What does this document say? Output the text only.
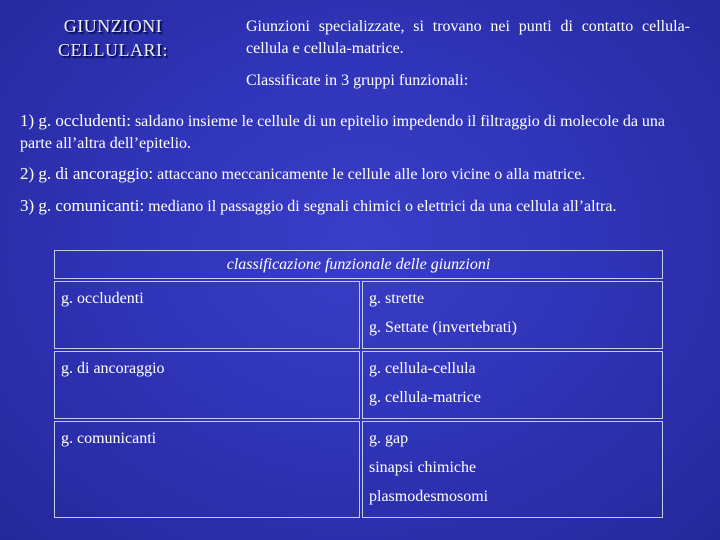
GIUNZIONI
CELLULARI:
Giunzioni specializzate, si trovano nei punti di contatto cellula-cellula e cellula-matrice.
Classificate in 3 gruppi funzionali:
1) g. occludenti: saldano insieme le cellule di un epitelio impedendo il filtraggio di molecole da una parte all’altra dell’epitelio.
2) g. di ancoraggio: attaccano meccanicamente le cellule alle loro vicine o alla matrice.
3) g. comunicanti: mediano il passaggio di segnali chimici o elettrici da una cellula all’altra.
classificazione funzionale delle giunzioni	
g. occludenti	g. strette
g. Settate (invertebrati)

g. di ancoraggio	g. cellula-cellula
g. cellula-matrice

g. comunicanti	g. gap
sinapsi chimiche
plasmodesmosomi
